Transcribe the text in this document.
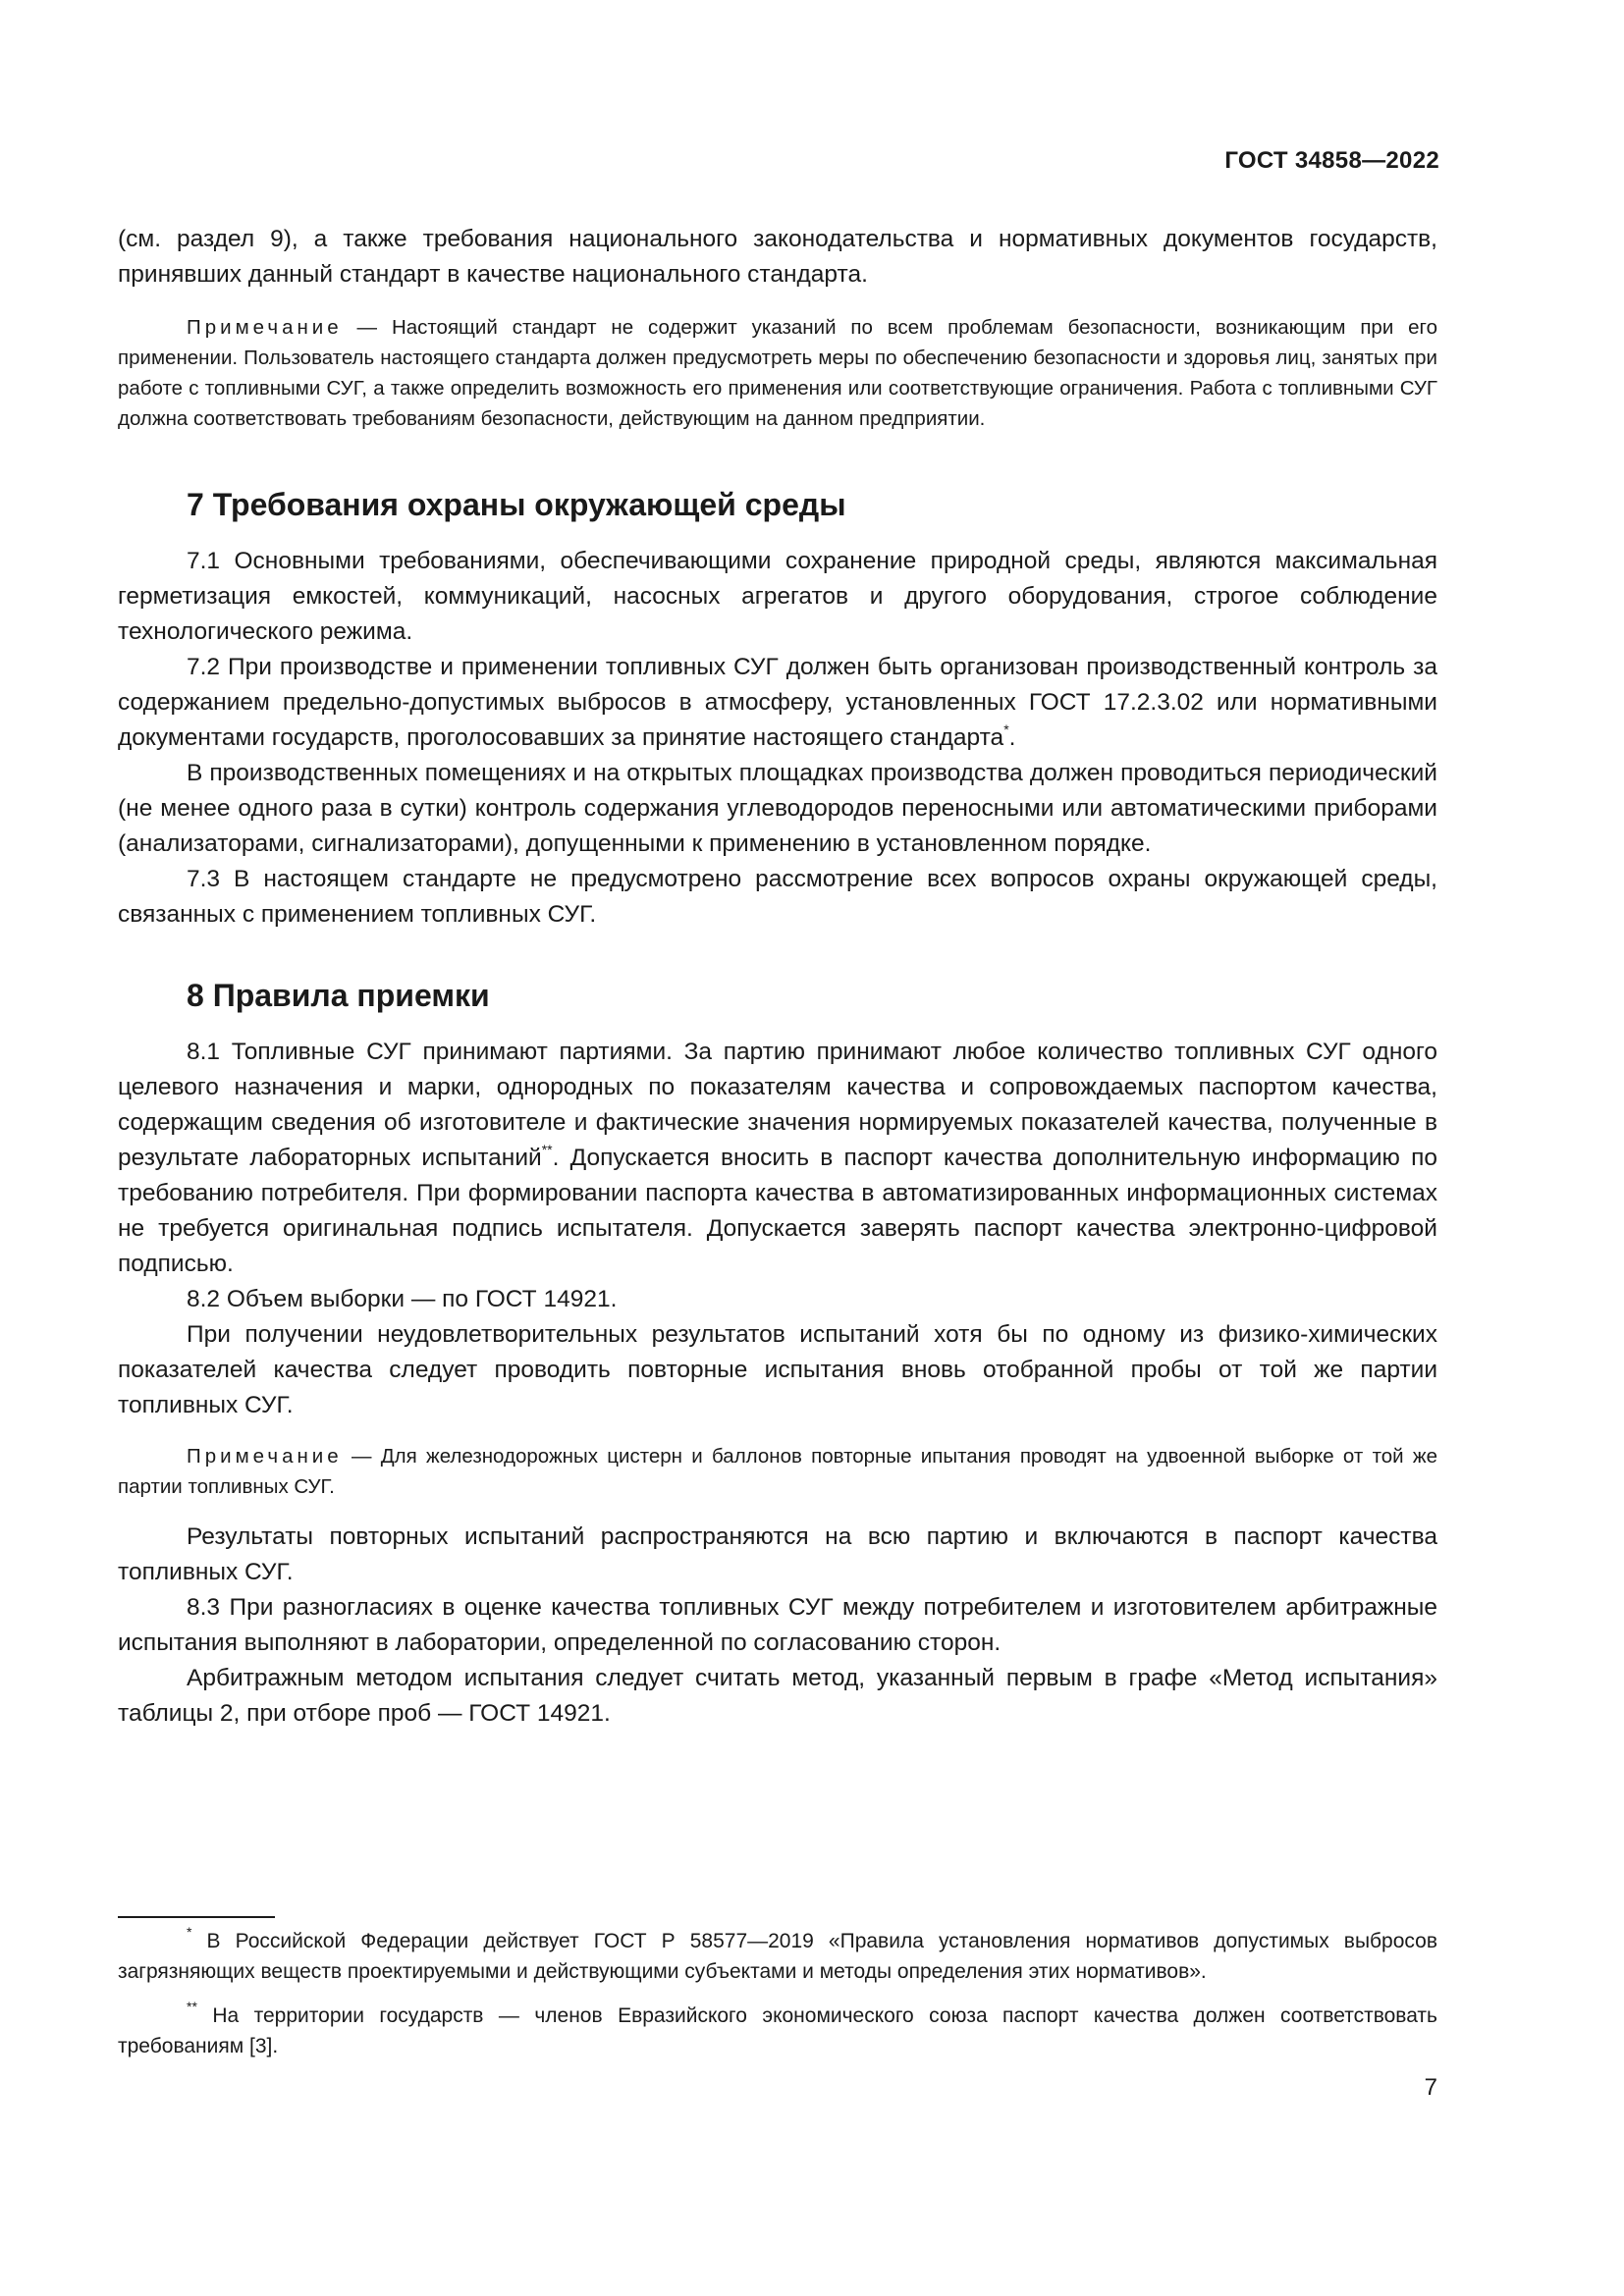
ГОСТ 34858—2022

(см. раздел 9), а также требования национального законодательства и нормативных документов государств, принявших данный стандарт в качестве национального стандарта.

Примечание — Настоящий стандарт не содержит указаний по всем проблемам безопасности, возникающим при его применении. Пользователь настоящего стандарта должен предусмотреть меры по обеспечению безопасности и здоровья лиц, занятых при работе с топливными СУГ, а также определить возможность его применения или соответствующие ограничения. Работа с топливными СУГ должна соответствовать требованиям безопасности, действующим на данном предприятии.

7 Требования охраны окружающей среды

7.1 Основными требованиями, обеспечивающими сохранение природной среды, являются максимальная герметизация емкостей, коммуникаций, насосных агрегатов и другого оборудования, строгое соблюдение технологического режима.

7.2 При производстве и применении топливных СУГ должен быть организован производственный контроль за содержанием предельно-допустимых выбросов в атмосферу, установленных ГОСТ 17.2.3.02 или нормативными документами государств, проголосовавших за принятие настоящего стандарта*.

В производственных помещениях и на открытых площадках производства должен проводиться периодический (не менее одного раза в сутки) контроль содержания углеводородов переносными или автоматическими приборами (анализаторами, сигнализаторами), допущенными к применению в установленном порядке.

7.3 В настоящем стандарте не предусмотрено рассмотрение всех вопросов охраны окружающей среды, связанных с применением топливных СУГ.

8 Правила приемки

8.1 Топливные СУГ принимают партиями. За партию принимают любое количество топливных СУГ одного целевого назначения и марки, однородных по показателям качества и сопровождаемых паспортом качества, содержащим сведения об изготовителе и фактические значения нормируемых показателей качества, полученные в результате лабораторных испытаний**. Допускается вносить в паспорт качества дополнительную информацию по требованию потребителя. При формировании паспорта качества в автоматизированных информационных системах не требуется оригинальная подпись испытателя. Допускается заверять паспорт качества электронно-цифровой подписью.

8.2 Объем выборки — по ГОСТ 14921.

При получении неудовлетворительных результатов испытаний хотя бы по одному из физико-химических показателей качества следует проводить повторные испытания вновь отобранной пробы от той же партии топливных СУГ.

Примечание — Для железнодорожных цистерн и баллонов повторные ипытания проводят на удвоенной выборке от той же партии топливных СУГ.

Результаты повторных испытаний распространяются на всю партию и включаются в паспорт качества топливных СУГ.

8.3 При разногласиях в оценке качества топливных СУГ между потребителем и изготовителем арбитражные испытания выполняют в лаборатории, определенной по согласованию сторон.

Арбитражным методом испытания следует считать метод, указанный первым в графе «Метод испытания» таблицы 2, при отборе проб — ГОСТ 14921.

* В Российской Федерации действует ГОСТ Р 58577—2019 «Правила установления нормативов допустимых выбросов загрязняющих веществ проектируемыми и действующими субъектами и методы определения этих нормативов».

** На территории государств — членов Евразийского экономического союза паспорт качества должен соответствовать требованиям [3].

7
